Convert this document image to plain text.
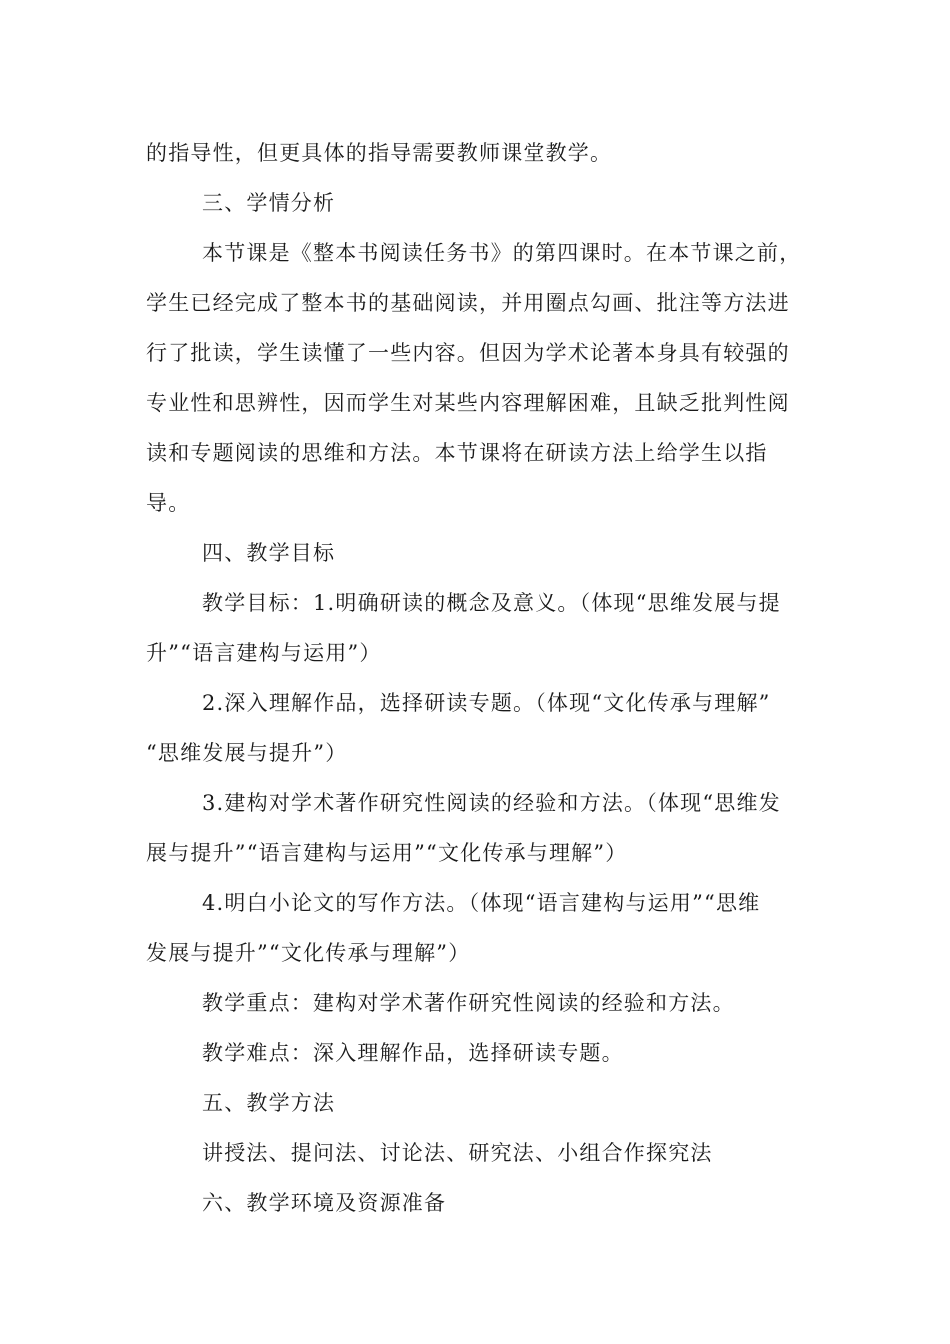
的指导性，但更具体的指导需要教师课堂教学。
三、学情分析
本节课是《整本书阅读任务书》的第四课时。在本节课之前，
学生已经完成了整本书的基础阅读，并用圈点勾画、批注等方法进
行了批读，学生读懂了一些内容。但因为学术论著本身具有较强的
专业性和思辨性，因而学生对某些内容理解困难，且缺乏批判性阅
读和专题阅读的思维和方法。本节课将在研读方法上给学生以指
导。
四、教学目标
教学目标：1.明确研读的概念及意义。（体现“思维发展与提
升”“语言建构与运用”）
2.深入理解作品，选择研读专题。（体现“文化传承与理解”
“思维发展与提升”）
3.建构对学术著作研究性阅读的经验和方法。（体现“思维发
展与提升”“语言建构与运用”“文化传承与理解”）
4.明白小论文的写作方法。（体现“语言建构与运用”“思维
发展与提升”“文化传承与理解”）
教学重点：建构对学术著作研究性阅读的经验和方法。
教学难点：深入理解作品，选择研读专题。
五、教学方法
讲授法、提问法、讨论法、研究法、小组合作探究法
六、教学环境及资源准备
